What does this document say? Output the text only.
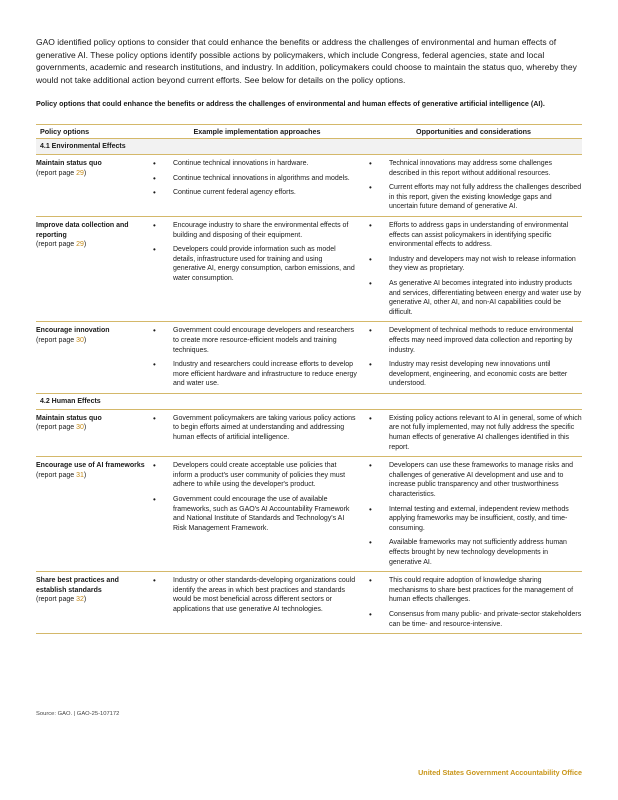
GAO identified policy options to consider that could enhance the benefits or address the challenges of environmental and human effects of generative AI. These policy options identify possible actions by policymakers, which include Congress, federal agencies, state and local governments, academic and research institutions, and industry. In addition, policymakers could choose to maintain the status quo, whereby they would not take additional action beyond current efforts. See below for details on the policy options.
Policy options that could enhance the benefits or address the challenges of environmental and human effects of generative artificial intelligence (AI).
Policy options	Example implementation approaches	Opportunities and considerations
4.1 Environmental Effects
Maintain status quo
(report page 29)
• Continue technical innovations in hardware.
• Continue technical innovations in algorithms and models.
• Continue current federal agency efforts.
• Technical innovations may address some challenges described in this report without additional resources.
• Current efforts may not fully address the challenges described in this report, given the existing knowledge gaps and uncertain future demand of generative AI.
Improve data collection and reporting
(report page 29)
• Encourage industry to share the environmental effects of building and disposing of their equipment.
• Developers could provide information such as model details, infrastructure used for training and using generative AI, energy consumption, carbon emissions, and water consumption.
• Efforts to address gaps in understanding of environmental effects can assist policymakers in identifying specific environmental effects to address.
• Industry and developers may not wish to release information they view as proprietary.
• As generative AI becomes integrated into industry products and services, differentiating between energy and water use by generative AI, other AI, and non-AI capabilities could be difficult.
Encourage innovation
(report page 30)
• Government could encourage developers and researchers to create more resource-efficient models and training techniques.
• Industry and researchers could increase efforts to develop more efficient hardware and infrastructure to reduce energy and water use.
• Development of technical methods to reduce environmental effects may need improved data collection and reporting by industry.
• Industry may resist developing new innovations until development, engineering, and economic costs are better understood.
4.2 Human Effects
Maintain status quo
(report page 30)
• Government policymakers are taking various policy actions to begin efforts aimed at understanding and addressing human effects of artificial intelligence.
• Existing policy actions relevant to AI in general, some of which are not fully implemented, may not fully address the specific human effects of generative AI challenges identified in this report.
Encourage use of AI frameworks (report page 31)
• Developers could create acceptable use policies that inform a product's user community of policies they must adhere to while using the developer's product.
• Government could encourage the use of available frameworks, such as GAO's AI Accountability Framework and National Institute of Standards and Technology's AI Risk Management Framework.
• Developers can use these frameworks to manage risks and challenges of generative AI development and use and to increase public transparency and other trustworthiness characteristics.
• Internal testing and external, independent review methods applying frameworks may be insufficient, costly, and time-consuming.
• Available frameworks may not sufficiently address human effects brought by new technology developments in generative AI.
Share best practices and establish standards
(report page 32)
• Industry or other standards-developing organizations could identify the areas in which best practices and standards would be most beneficial across different sectors or applications that use generative AI technologies.
• This could require adoption of knowledge sharing mechanisms to share best practices for the management of human effects challenges.
• Consensus from many public- and private-sector stakeholders can be time- and resource-intensive.
Source: GAO. | GAO-25-107172
United States Government Accountability Office
